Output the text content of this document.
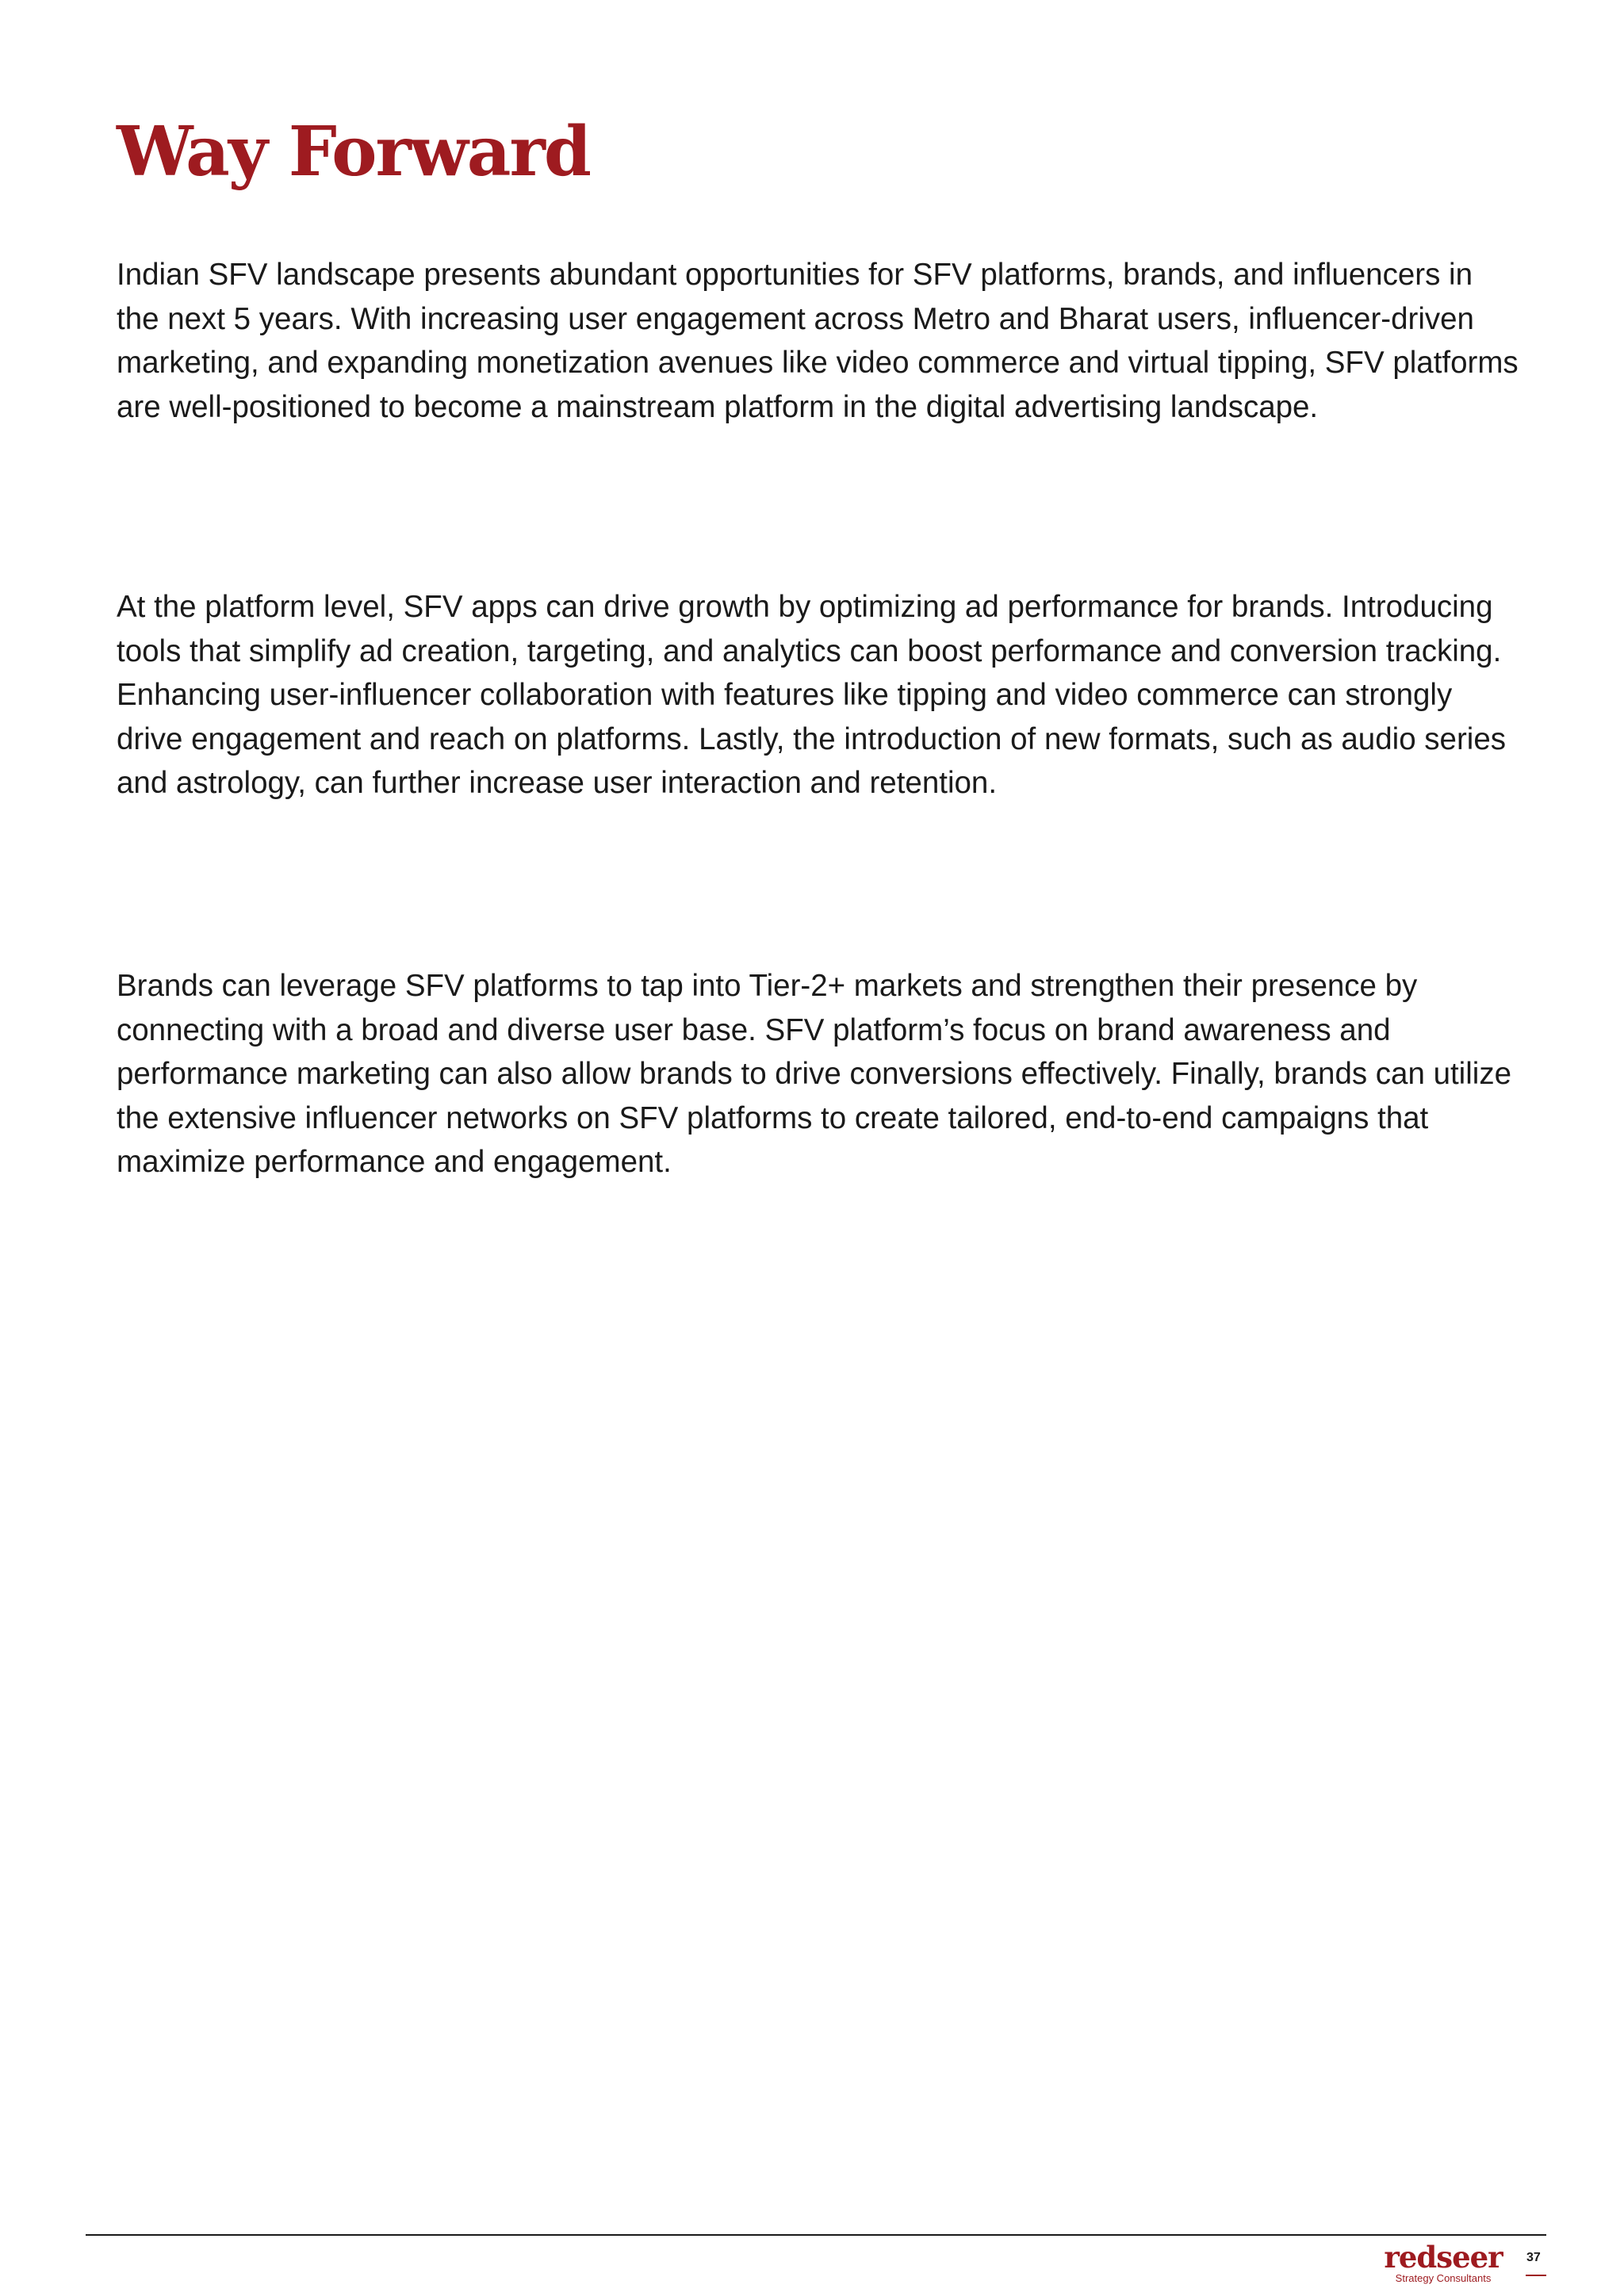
Way Forward

Indian SFV landscape presents abundant opportunities for SFV platforms, brands, and influencers in the next 5 years. With increasing user engagement across Metro and Bharat users, influencer-driven marketing, and expanding monetization avenues like video commerce and virtual tipping, SFV platforms are well-positioned to become a mainstream platform in the digital advertising landscape.

At the platform level, SFV apps can drive growth by optimizing ad performance for brands. Introducing tools that simplify ad creation, targeting, and analytics can boost performance and conversion tracking. Enhancing user-influencer collaboration with features like tipping and video commerce can strongly drive engagement and reach on platforms. Lastly, the introduction of new formats, such as audio series and astrology, can further increase user interaction and retention.

Brands can leverage SFV platforms to tap into Tier-2+ markets and strengthen their presence by connecting with a broad and diverse user base. SFV platform’s focus on brand awareness and performance marketing can also allow brands to drive conversions effectively. Finally, brands can utilize the extensive influencer networks on SFV platforms to create tailored, end-to-end campaigns that maximize performance and engagement.

redseer
Strategy Consultants
37
